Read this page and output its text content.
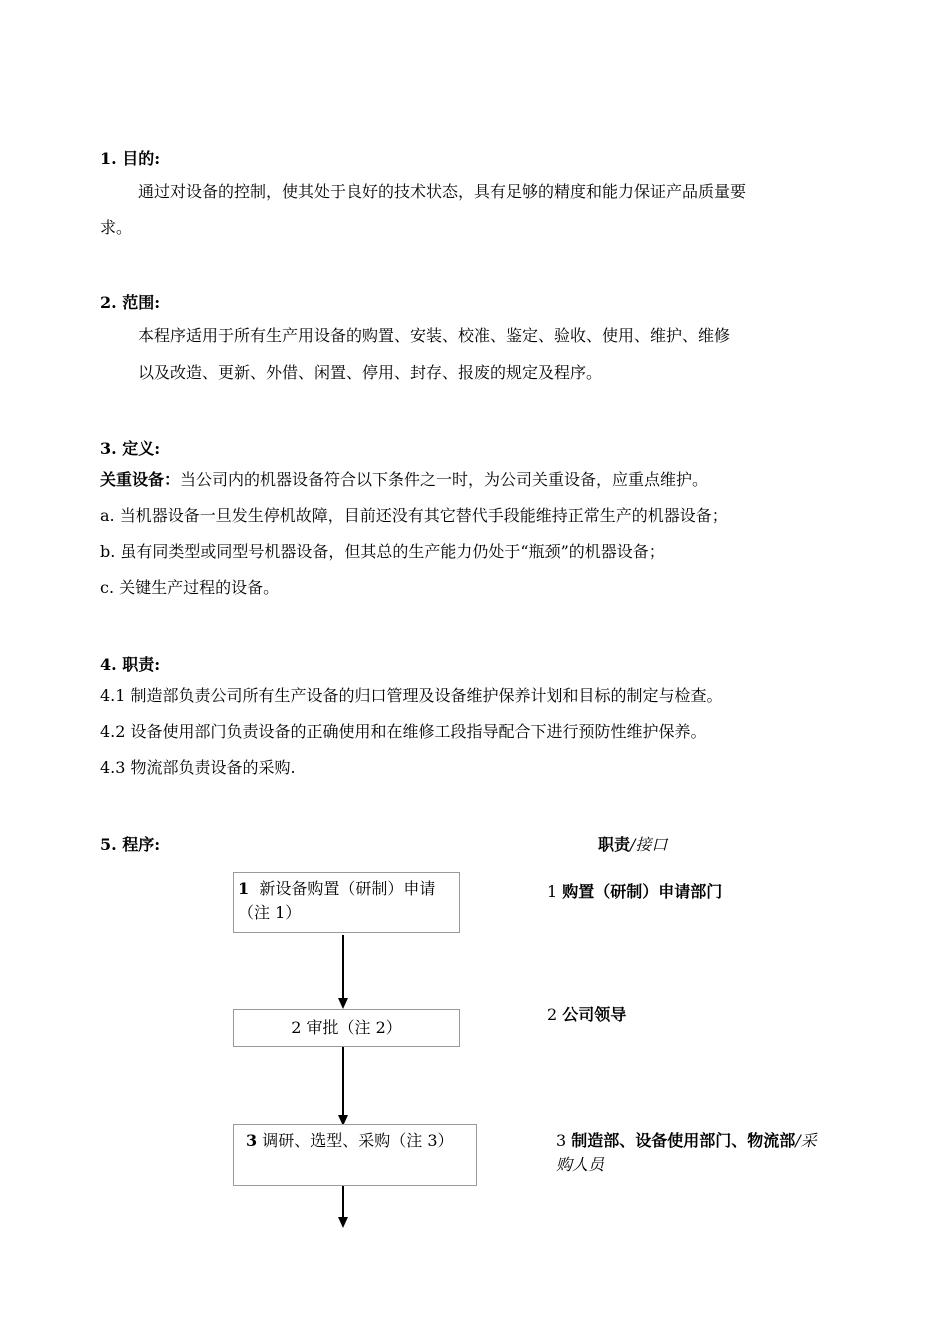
1. 目的:
通过对设备的控制，使其处于良好的技术状态，具有足够的精度和能力保证产品质量要
求。
2. 范围:
本程序适用于所有生产用设备的购置、安装、校准、鉴定、验收、使用、维护、维修
以及改造、更新、外借、闲置、停用、封存、报废的规定及程序。
3. 定义:
关重设备：当公司内的机器设备符合以下条件之一时，为公司关重设备，应重点维护。
a. 当机器设备一旦发生停机故障，目前还没有其它替代手段能维持正常生产的机器设备；
b. 虽有同类型或同型号机器设备，但其总的生产能力仍处于“瓶颈”的机器设备；
c. 关键生产过程的设备。
4. 职责:
4.1 制造部负责公司所有生产设备的归口管理及设备维护保养计划和目标的制定与检查。
4.2 设备使用部门负责设备的正确使用和在维修工段指导配合下进行预防性维护保养。
4.3 物流部负责设备的采购.
5. 程序:	职责/接口
1 新设备购置（研制）申请（注 1）
2 审批（注 2）
3 调研、选型、采购（注 3）
1 购置（研制）申请部门
2 公司领导
3 制造部、设备使用部门、物流部/采购人员
